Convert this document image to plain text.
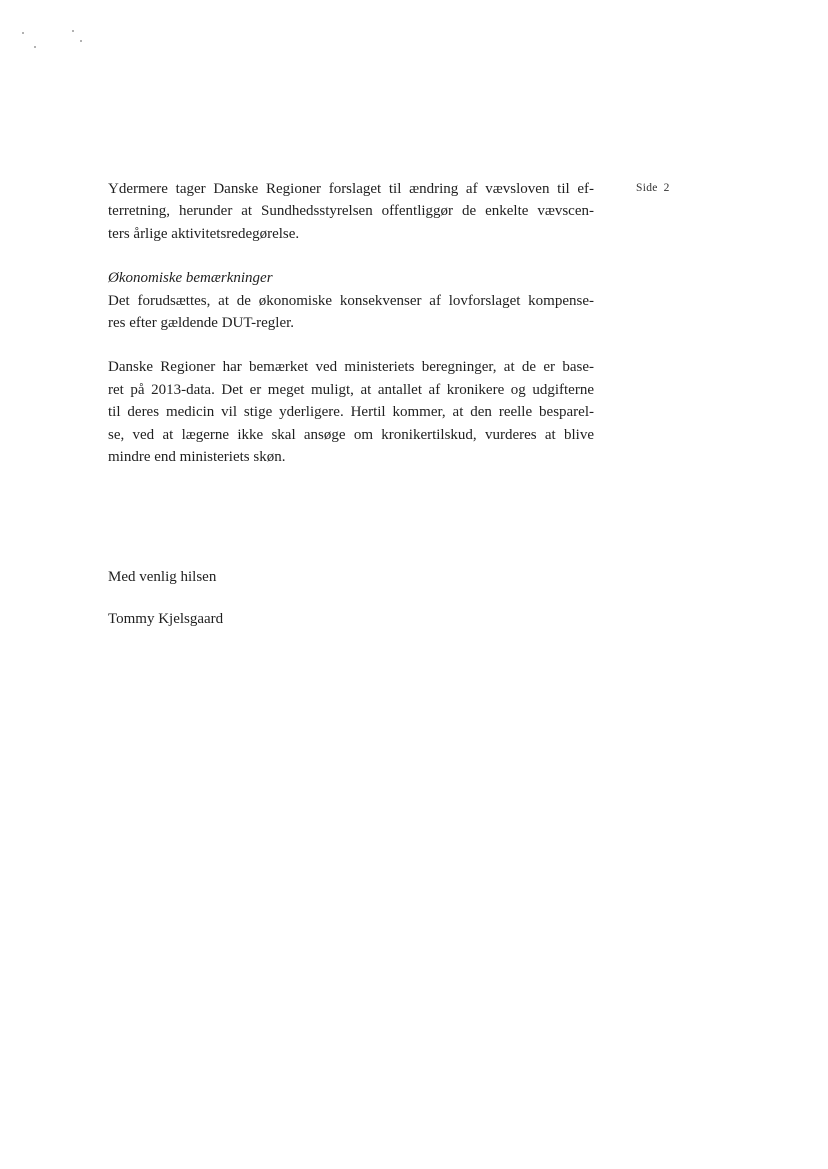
Side 2

Ydermere tager Danske Regioner forslaget til ændring af vævsloven til ef-
terretning, herunder at Sundhedsstyrelsen offentliggør de enkelte vævscen-
ters årlige aktivitetsredegørelse.

Økonomiske bemærkninger
Det forudsættes, at de økonomiske konsekvenser af lovforslaget kompense-
res efter gældende DUT-regler.

Danske Regioner har bemærket ved ministeriets beregninger, at de er base-
ret på 2013-data. Det er meget muligt, at antallet af kronikere og udgifterne
til deres medicin vil stige yderligere. Hertil kommer, at den reelle besparel-
se, ved at lægerne ikke skal ansøge om kronikertilskud, vurderes at blive
mindre end ministeriets skøn.

Med venlig hilsen
Tommy Kjelsgaard
